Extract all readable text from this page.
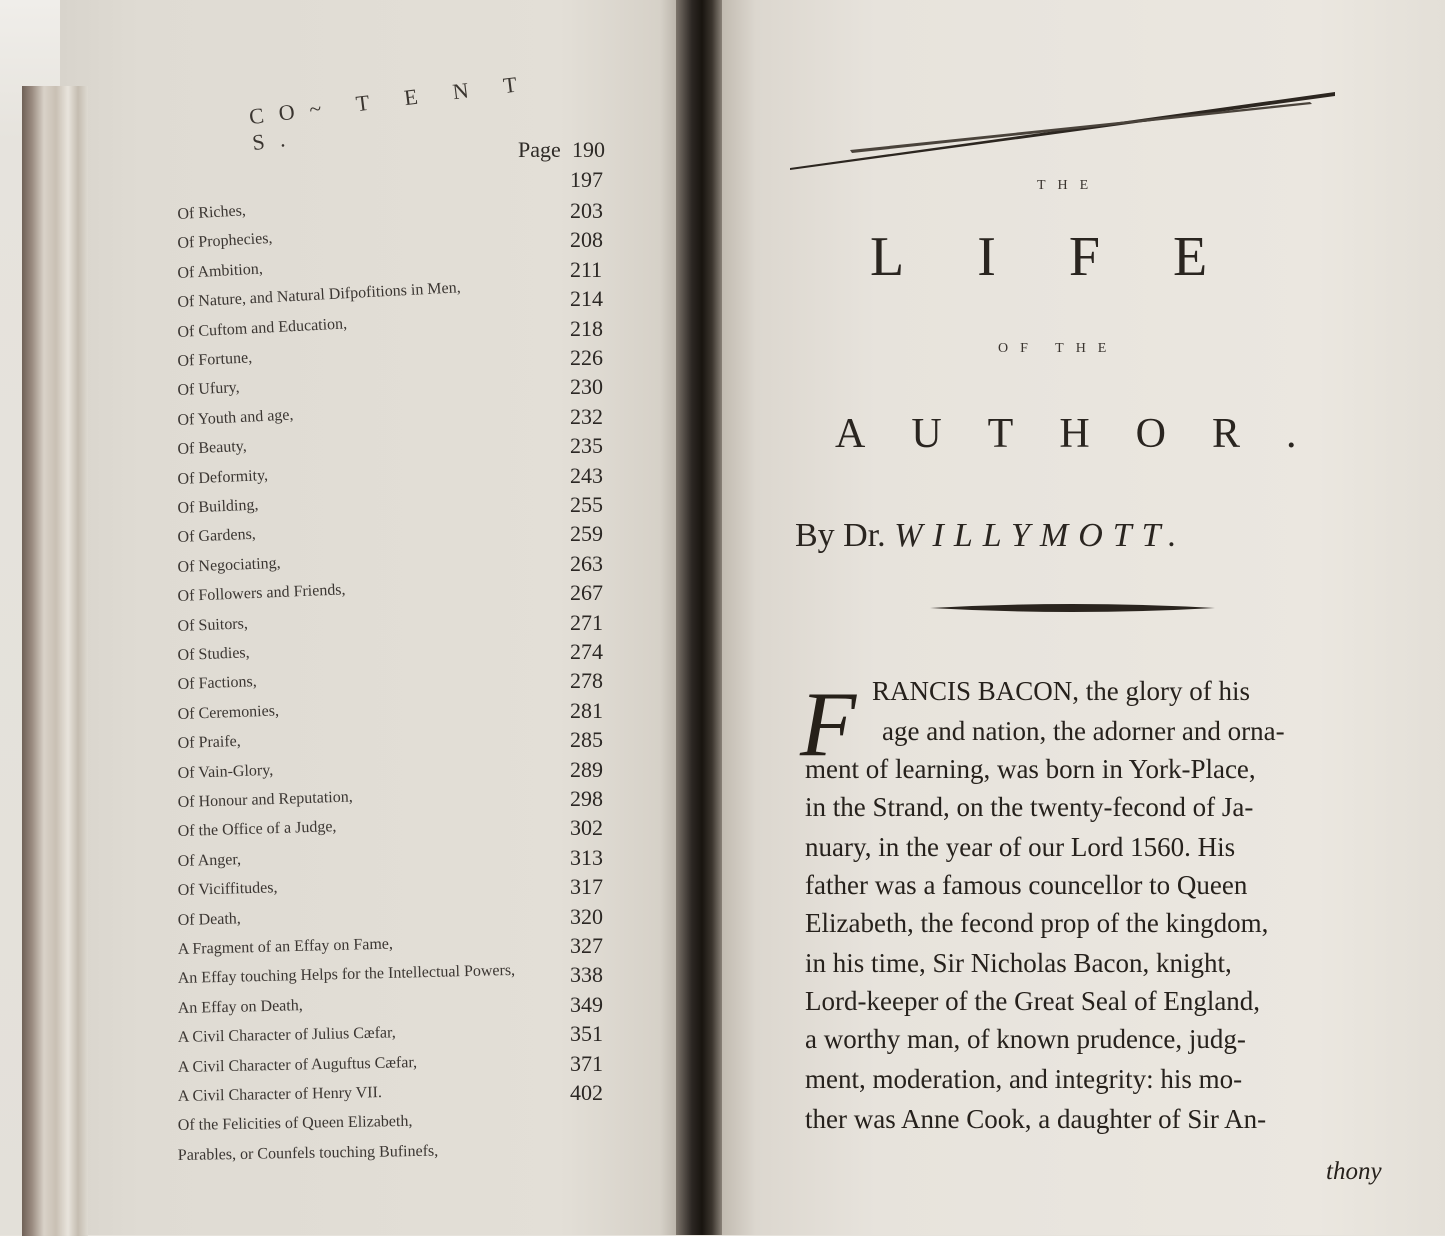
CO~ T E N T S.	Page 190
197
Of Riches,	203
Of Prophecies,	208
Of Ambition,	211
Of Nature, and Natural Difpofitions in Men,	214
Of Cuftom and Education,	218
Of Fortune,	226
Of Ufury,	230
Of Youth and age,	232
Of Beauty,	235
Of Deformity,	243
Of Building,	255
Of Gardens,	259
Of Negociating,	263
Of Followers and Friends,	267
Of Suitors,	271
Of Studies,	274
Of Factions,	278
Of Ceremonies,	281
Of Praife,	285
Of Vain-Glory,	289
Of Honour and Reputation,	298
Of the Office of a Judge,	302
Of Anger,	313
Of Viciffitudes,	317
Of Death,	320
A Fragment of an Effay on Fame,	327
An Effay touching Helps for the Intellectual Powers, 338
An Effay on Death,	349
A Civil Character of Julius Cæfar,	351
A Civil Character of Auguftus Cæfar,	371
A Civil Character of Henry VII.	402
Of the Felicities of Queen Elizabeth,
Parables, or Counfels touching Bufinefs,
THE
LIFE
OF THE
AUTHOR.
By Dr. WILLYMOTT.
F RANCIS BACON, the glory of his
age and nation, the adorner and orna-
ment of learning, was born in York-Place,
in the Strand, on the twenty-fecond of Ja-
nuary, in the year of our Lord 1560. His
father was a famous councellor to Queen
Elizabeth, the fecond prop of the kingdom,
in his time, Sir Nicholas Bacon, knight,
Lord-keeper of the Great Seal of England,
a worthy man, of known prudence, judg-
ment, moderation, and integrity: his mo-
ther was Anne Cook, a daughter of Sir An-
thony
